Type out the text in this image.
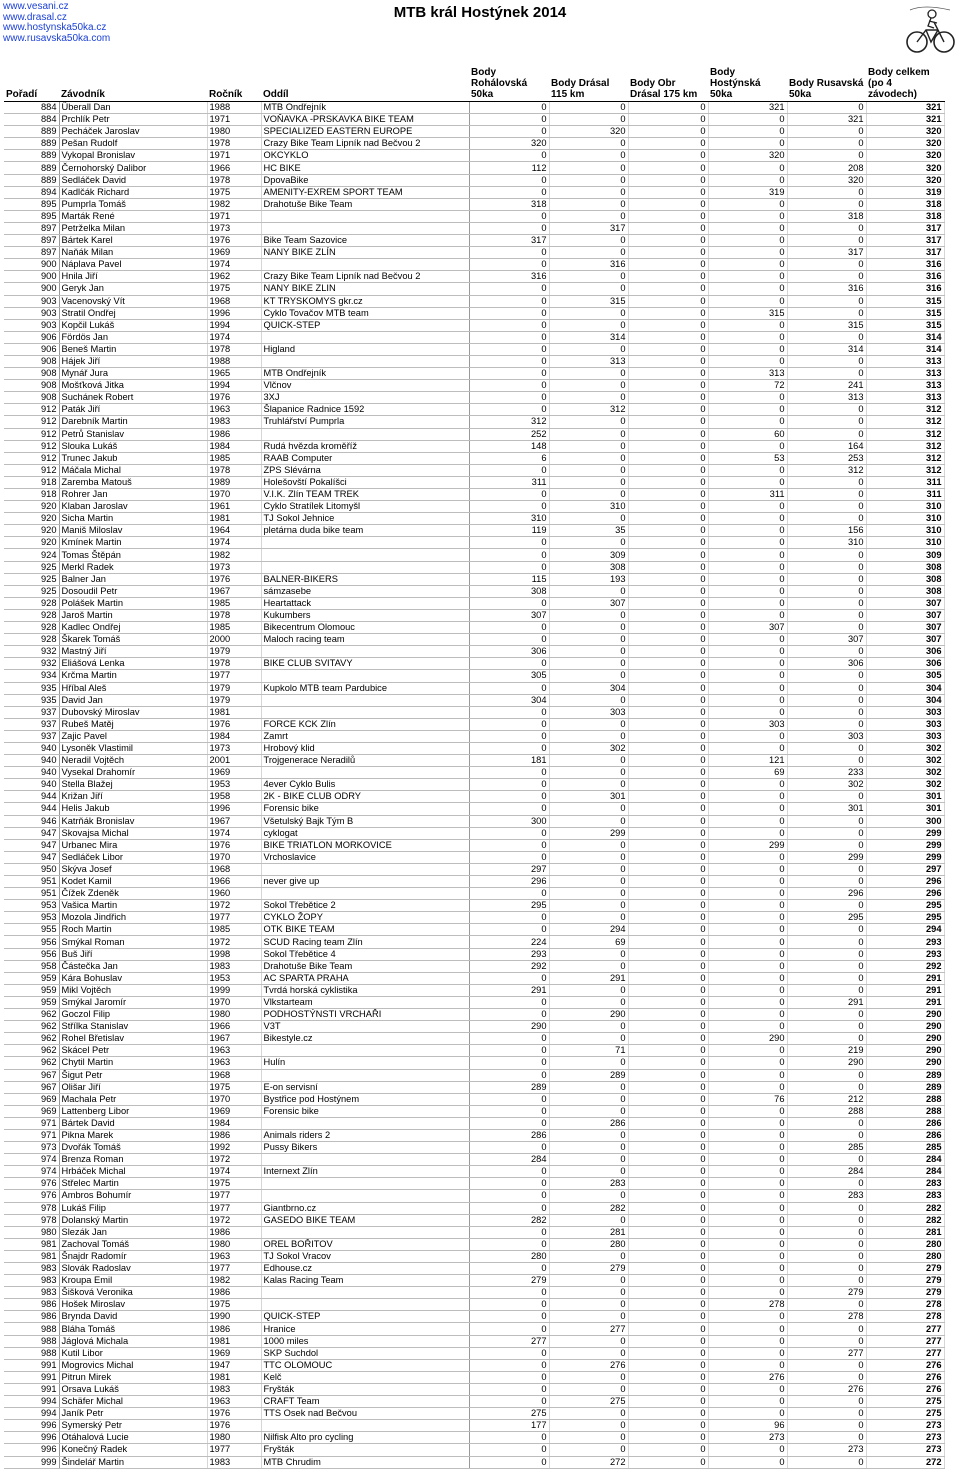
www.vesani.cz
www.drasal.cz
www.hostynska50ka.cz
www.rusavska50ka.com
MTB král Hostýnek 2014
Pořadí	Závodník	Ročník	Oddíl	Body Rohálovská 50ka	Body Drásal 115 km	Body Obr Drásal 175 km	Body Hostýnská 50ka	Body Rusavská 50ka	Body celkem (po 4 závodech)
884	Überall Dan	1988	MTB Ondřejník	0	0	0	321	0	321
884	Prchlík Petr	1971	VOŇAVKA -PRSKAVKA BIKE TEAM	0	0	0	0	321	321
889	Pecháček Jaroslav	1980	SPECIALIZED EASTERN EUROPE	0	320	0	0	0	320
889	Pešan Rudolf	1978	Crazy Bike Team Lipník nad Bečvou 2	320	0	0	0	0	320
889	Vykopal Bronislav	1971	OKCYKLO	0	0	0	320	0	320
889	Černohorský Dalibor	1966	HC BIKE	112	0	0	0	208	320
889	Sedláček David	1978	DpovaBike	0	0	0	0	320	320
894	Kadlčák Richard	1975	AMENITY-EXREM SPORT TEAM	0	0	0	319	0	319
895	Pumprla Tomáš	1982	Drahotuše Bike Team	318	0	0	0	0	318
895	Marták René	1971		0	0	0	0	318	318
897	Petrželka Milan	1973		0	317	0	0	0	317
897	Bártek Karel	1976	Bike Team Sazovice	317	0	0	0	0	317
897	Naňák Milan	1969	NANY BIKE ZLÍN	0	0	0	0	317	317
900	Náplava Pavel	1974		0	316	0	0	0	316
900	Hnila Jiří	1962	Crazy Bike Team Lipník nad Bečvou 2	316	0	0	0	0	316
900	Geryk Jan	1975	NANY BIKE ZLIN	0	0	0	0	316	316
903	Vacenovský Vít	1968	KT TRYSKOMYS gkr.cz	0	315	0	0	0	315
903	Stratil Ondřej	1996	Cyklo Tovačov MTB team	0	0	0	315	0	315
903	Kopčil Lukáš	1994	QUICK-STEP	0	0	0	0	315	315
906	Fördös Jan	1974		0	314	0	0	0	314
906	Beneš Martin	1978	Higland	0	0	0	0	314	314
908	Hájek Jiří	1988		0	313	0	0	0	313
908	Mynář Jura	1965	MTB Ondřejník	0	0	0	313	0	313
908	Mošťková Jitka	1994	Vlčnov	0	0	0	72	241	313
908	Suchánek Robert	1976	3XJ	0	0	0	0	313	313
912	Paták Jiří	1963	Šlapanice Radnice 1592	0	312	0	0	0	312
912	Darebník Martin	1983	Truhlářství Pumprla	312	0	0	0	0	312
912	Petrů Stanislav	1986		252	0	0	60	0	312
912	Slouka Lukáš	1984	Rudá hvězda kroměříž	148	0	0	0	164	312
912	Trunec Jakub	1985	RAAB Computer	6	0	0	53	253	312
912	Máčala Michal	1978	ZPS Slévárna	0	0	0	0	312	312
918	Zaremba Matouš	1989	Holešovští Pokalíšci	311	0	0	0	0	311
918	Rohrer Jan	1970	V.I.K. Zlín TEAM TREK	0	0	0	311	0	311
920	Klaban Jaroslav	1961	Cyklo Stratílek Litomyšl	0	310	0	0	0	310
920	Sicha Martin	1981	TJ Sokol Jehnice	310	0	0	0	0	310
920	Maniš Miloslav	1964	pletárna duda bike team	119	35	0	0	156	310
920	Kmínek Martin	1974		0	0	0	0	310	310
924	Tomas Štěpán	1982		0	309	0	0	0	309
925	Merkl Radek	1973		0	308	0	0	0	308
925	Balner Jan	1976	BALNER-BIKERS	115	193	0	0	0	308
925	Dosoudil Petr	1967	sámzasebe	308	0	0	0	0	308
928	Polášek Martin	1985	Heartattack	0	307	0	0	0	307
928	Jaroš Martin	1978	Kukumbers	307	0	0	0	0	307
928	Kadlec Ondřej	1985	Bikecentrum Olomouc	0	0	0	307	0	307
928	Škarek Tomáš	2000	Maloch racing team	0	0	0	0	307	307
932	Mastný Jiří	1979		306	0	0	0	0	306
932	Eliášová Lenka	1978	BIKE CLUB SVITAVY	0	0	0	0	306	306
934	Krčma Martin	1977		305	0	0	0	0	305
935	Hříbal Aleš	1979	Kupkolo MTB team Pardubice	0	304	0	0	0	304
935	David Jan	1979		304	0	0	0	0	304
937	Dubovský Miroslav	1981		0	303	0	0	0	303
937	Rubeš Matěj	1976	FORCE KCK Zlín	0	0	0	303	0	303
937	Zajic Pavel	1984	Zamrt	0	0	0	0	303	303
940	Lysoněk Vlastimil	1973	Hrobový klid	0	302	0	0	0	302
940	Neradil Vojtěch	2001	Trojgenerace Neradilů	181	0	0	121	0	302
940	Vysekal Drahomír	1969		0	0	0	69	233	302
940	Stella Blažej	1953	4ever Cyklo Bulis	0	0	0	0	302	302
944	Križan Jiří	1958	2K - BIKE CLUB ODRY	0	301	0	0	0	301
944	Helis Jakub	1996	Forensic bike	0	0	0	0	301	301
946	Katrňák Bronislav	1967	Všetulský Bajk Tým B	300	0	0	0	0	300
947	Skovajsa Michal	1974	cyklogat	0	299	0	0	0	299
947	Urbanec Mira	1976	BIKE TRIATLON MORKOVICE	0	0	0	299	0	299
947	Sedláček Libor	1970	Vrchoslavice	0	0	0	0	299	299
950	Skýva Josef	1968		297	0	0	0	0	297
951	Kodet Kamil	1966	never give up	296	0	0	0	0	296
951	Čížek Zdeněk	1960		0	0	0	0	296	296
953	Vašica Martin	1972	Sokol Třebětice 2	295	0	0	0	0	295
953	Mozola Jindřich	1977	CYKLO ŽOPY	0	0	0	0	295	295
955	Roch Martin	1985	OTK BIKE TEAM	0	294	0	0	0	294
956	Smýkal Roman	1972	SCUD Racing team Zlín	224	69	0	0	0	293
956	Buš Jiří	1998	Sokol Třebětice 4	293	0	0	0	0	293
958	Částečka Jan	1983	Drahotuše Bike Team	292	0	0	0	0	292
959	Kára Bohuslav	1953	AC SPARTA PRAHA	0	291	0	0	0	291
959	Mikl Vojtěch	1999	Tvrdá horská cyklistika	291	0	0	0	0	291
959	Smýkal Jaromír	1970	Vlkstarteam	0	0	0	0	291	291
962	Goczol Filip	1980	PODHOSTÝNSTI VRCHAŘI	0	290	0	0	0	290
962	Střílka Stanislav	1966	V3T	290	0	0	0	0	290
962	Rohel Břetislav	1967	Bikestyle.cz	0	0	0	290	0	290
962	Skácel Petr	1963		0	71	0	0	219	290
962	Chytil Martin	1963	Hulín	0	0	0	0	290	290
967	Šigut Petr	1968		0	289	0	0	0	289
967	Olišar Jiří	1975	E-on servisní	289	0	0	0	0	289
969	Machala Petr	1970	Bystřice pod Hostýnem	0	0	0	76	212	288
969	Lattenberg Libor	1969	Forensic bike	0	0	0	0	288	288
971	Bártek David	1984		0	286	0	0	0	286
971	Pikna Marek	1986	Animals riders 2	286	0	0	0	0	286
973	Dvořák Tomáš	1992	Pussy Bikers	0	0	0	0	285	285
974	Brenza Roman	1972		284	0	0	0	0	284
974	Hrbáček Michal	1974	Internext Zlín	0	0	0	0	284	284
976	Střelec Martin	1975		0	283	0	0	0	283
976	Ambros Bohumír	1977		0	0	0	0	283	283
978	Lukáš Filip	1977	Giantbrno.cz	0	282	0	0	0	282
978	Dolanský Martin	1972	GASEDO BIKE TEAM	282	0	0	0	0	282
980	Slezák Jan	1986		0	281	0	0	0	281
981	Zachoval Tomáš	1980	OREL BOŘITOV	0	280	0	0	0	280
981	Šnajdr Radomír	1963	TJ Sokol Vracov	280	0	0	0	0	280
983	Slovák Radoslav	1977	Edhouse.cz	0	279	0	0	0	279
983	Kroupa Emil	1982	Kalas Racing Team	279	0	0	0	0	279
983	Šišková Veronika	1986		0	0	0	0	279	279
986	Hošek Miroslav	1975		0	0	0	278	0	278
986	Brynda David	1990	QUICK-STEP	0	0	0	0	278	278
988	Bláha Tomáš	1986	Hranice	0	277	0	0	0	277
988	Jáglová Michala	1981	1000 miles	277	0	0	0	0	277
988	Kutil Libor	1969	SKP Suchdol	0	0	0	0	277	277
991	Mogrovics Michal	1947	TTC OLOMOUC	0	276	0	0	0	276
991	Pitrun Mirek	1981	Kelč	0	0	0	276	0	276
991	Orsava Lukáš	1983	Fryšták	0	0	0	0	276	276
994	Schäfer Michal	1963	CRAFT Team	0	275	0	0	0	275
994	Janík Petr	1976	TTS Osek nad Bečvou	275	0	0	0	0	275
996	Symerský Petr	1976		177	0	0	96	0	273
996	Otáhalová Lucie	1980	Nilfisk Alto pro cycling	0	0	0	273	0	273
996	Konečný Radek	1977	Fryšták	0	0	0	0	273	273
999	Šindelář Martin	1983	MTB Chrudim	0	272	0	0	0	272
